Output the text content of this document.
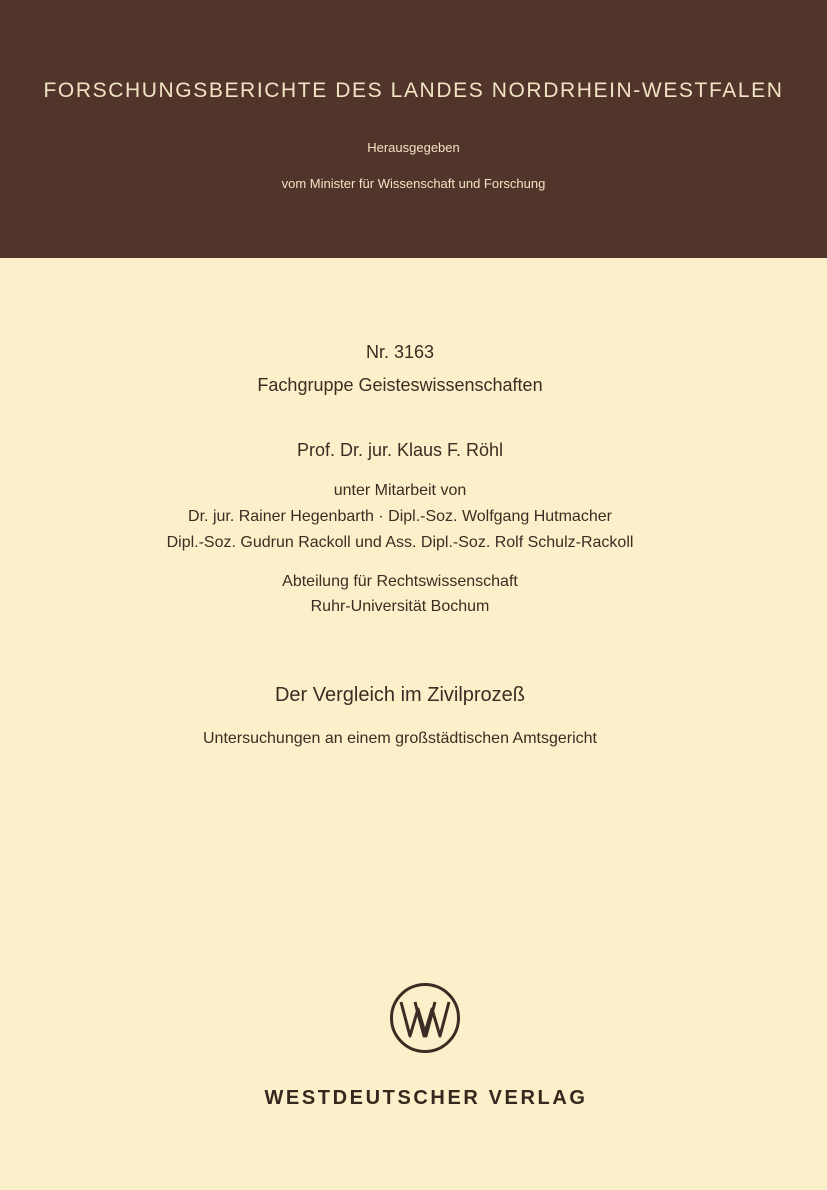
FORSCHUNGSBERICHTE DES LANDES NORDRHEIN-WESTFALEN
Herausgegeben
vom Minister für Wissenschaft und Forschung
Nr. 3163
Fachgruppe Geisteswissenschaften
Prof. Dr. jur. Klaus F. Röhl
unter Mitarbeit von
Dr. jur. Rainer Hegenbarth · Dipl.-Soz. Wolfgang Hutmacher
Dipl.-Soz. Gudrun Rackoll und Ass. Dipl.-Soz. Rolf Schulz-Rackoll
Abteilung für Rechtswissenschaft
Ruhr-Universität Bochum
Der Vergleich im Zivilprozeß
Untersuchungen an einem großstädtischen Amtsgericht
WESTDEUTSCHER VERLAG
